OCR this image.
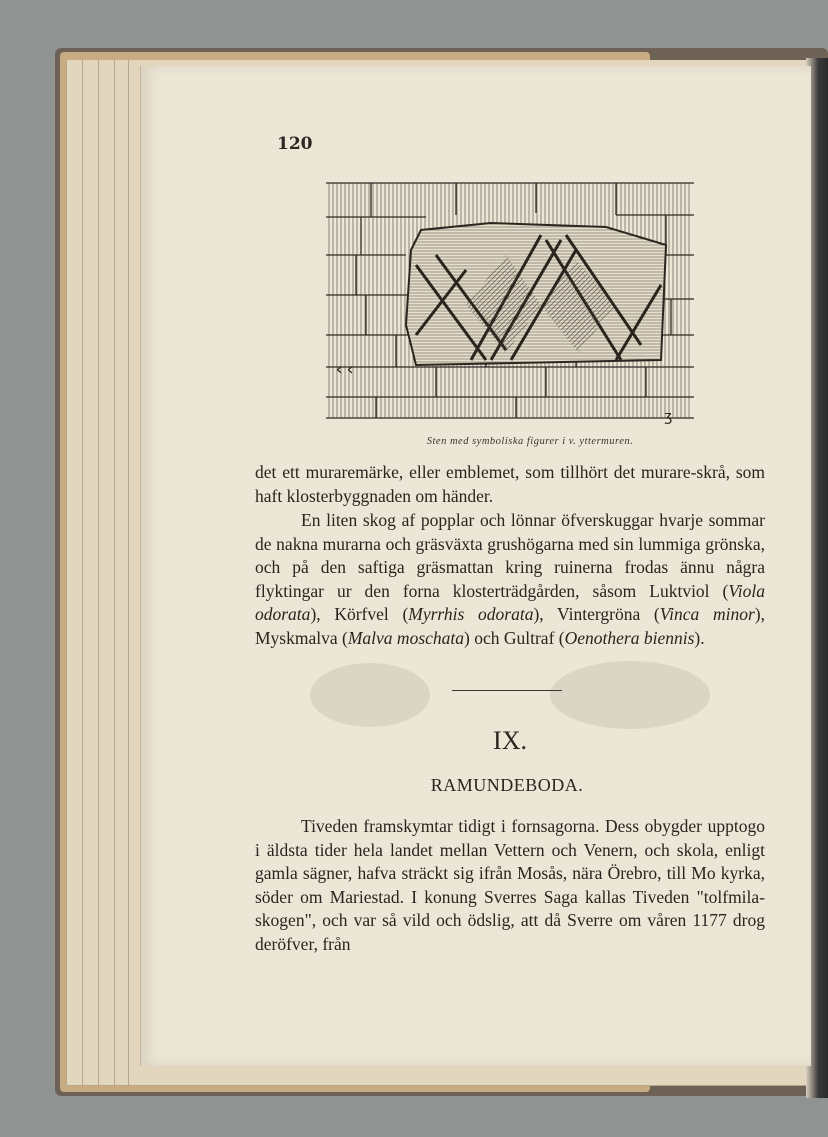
120
‹‹
ʒ
Sten med symboliska figurer i v. yttermuren.

det ett muraremärke, eller emblemet, som tillhört det murare-skrå, som haft klosterbyggnaden om händer.

En liten skog af popplar och lönnar öfverskuggar hvarje sommar de nakna murarna och gräsväxta grushögarna med sin lummiga grönska, och på den saftiga gräsmattan kring ruinerna frodas ännu några flyktingar ur den forna klosterträdgården, såsom Luktviol (Viola odorata), Körfvel (Myrrhis odorata), Vintergröna (Vinca minor), Myskmalva (Malva moschata) och Gultraf (Oenothera biennis).

IX.
RAMUNDEBODA.

Tiveden framskymtar tidigt i fornsagorna. Dess obygder upptogo i äldsta tider hela landet mellan Vettern och Venern, och skola, enligt gamla sägner, hafva sträckt sig ifrån Mosås, nära Örebro, till Mo kyrka, söder om Mariestad. I konung Sverres Saga kallas Tiveden "tolfmila-skogen", och var så vild och ödslig, att då Sverre om våren 1177 drog deröfver, från
